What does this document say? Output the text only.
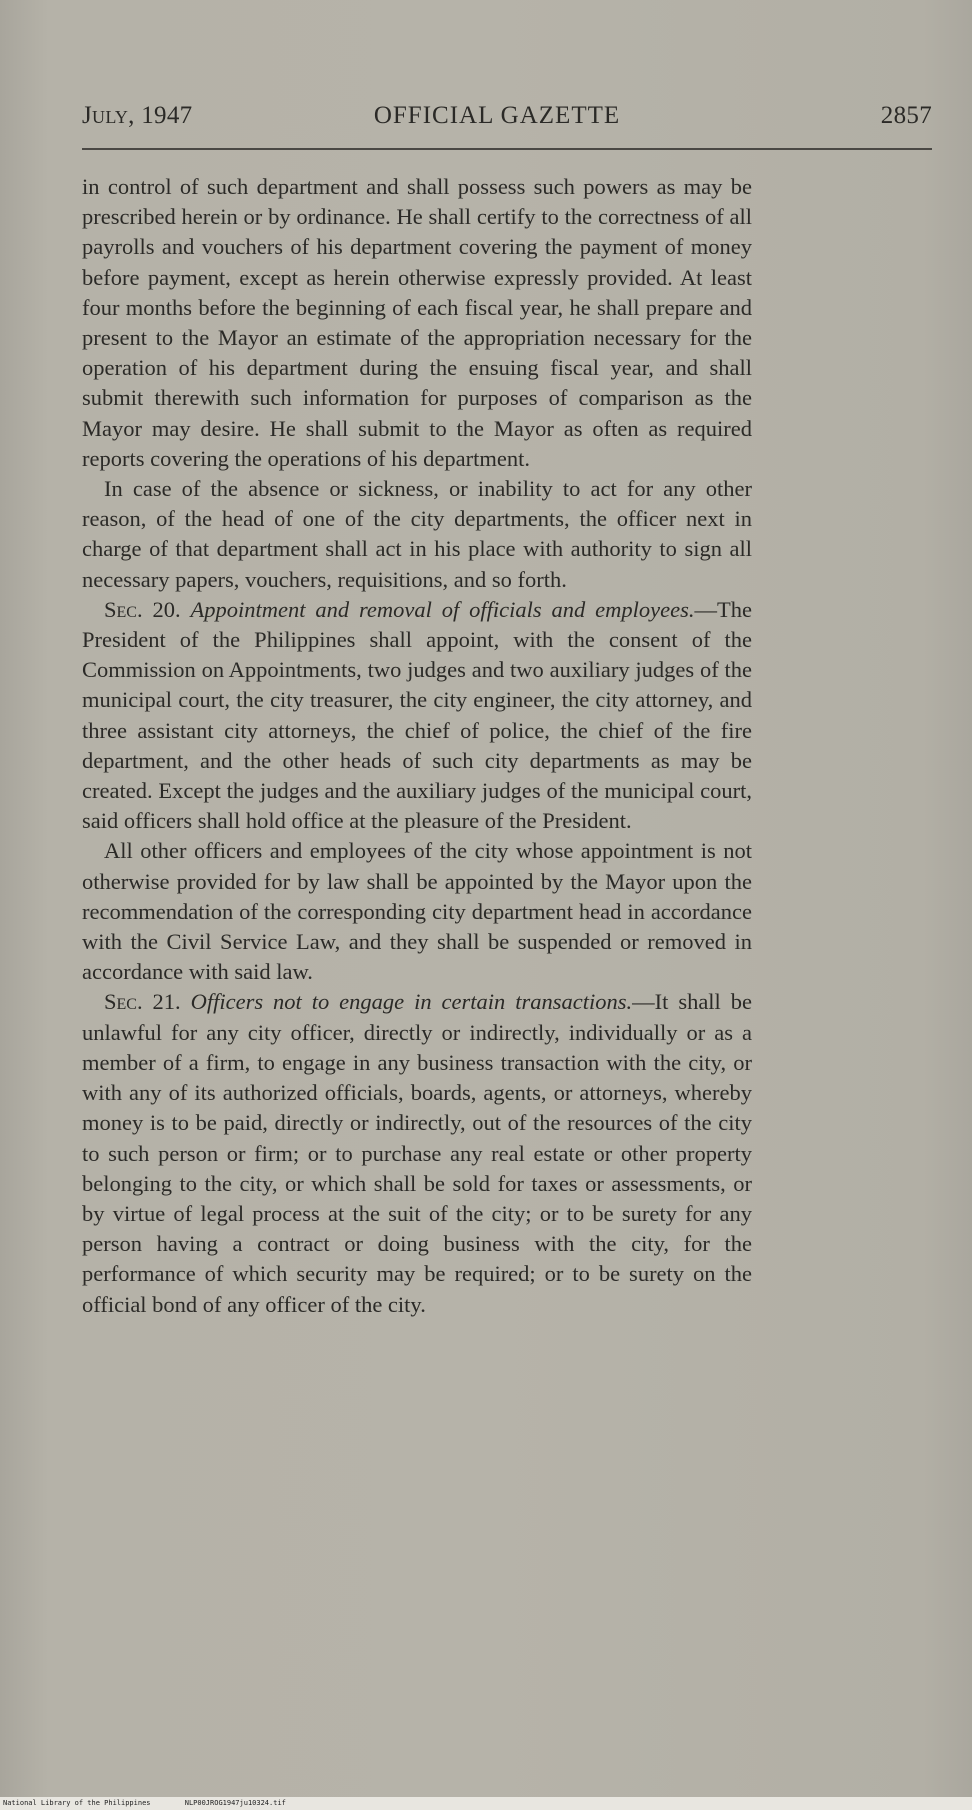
July, 1947	OFFICIAL GAZETTE	2857

in control of such department and shall possess such powers as may be prescribed herein or by ordinance. He shall certify to the correctness of all payrolls and vouchers of his department covering the payment of money before payment, except as herein otherwise expressly provided. At least four months before the beginning of each fiscal year, he shall prepare and present to the Mayor an estimate of the appropriation necessary for the operation of his department during the ensuing fiscal year, and shall submit therewith such information for purposes of comparison as the Mayor may desire. He shall submit to the Mayor as often as required reports covering the operations of his department.

In case of the absence or sickness, or inability to act for any other reason, of the head of one of the city departments, the officer next in charge of that department shall act in his place with authority to sign all necessary papers, vouchers, requisitions, and so forth.

Sec. 20. Appointment and removal of officials and employees.—The President of the Philippines shall appoint, with the consent of the Commission on Appointments, two judges and two auxiliary judges of the municipal court, the city treasurer, the city engineer, the city attorney, and three assistant city attorneys, the chief of police, the chief of the fire department, and the other heads of such city departments as may be created. Except the judges and the auxiliary judges of the municipal court, said officers shall hold office at the pleasure of the President.

All other officers and employees of the city whose appointment is not otherwise provided for by law shall be appointed by the Mayor upon the recommendation of the corresponding city department head in accordance with the Civil Service Law, and they shall be suspended or removed in accordance with said law.

Sec. 21. Officers not to engage in certain transactions.—It shall be unlawful for any city officer, directly or indirectly, individually or as a member of a firm, to engage in any business transaction with the city, or with any of its authorized officials, boards, agents, or attorneys, whereby money is to be paid, directly or indirectly, out of the resources of the city to such person or firm; or to purchase any real estate or other property belonging to the city, or which shall be sold for taxes or assessments, or by virtue of legal process at the suit of the city; or to be surety for any person having a contract or doing business with the city, for the performance of which security may be required; or to be surety on the official bond of any officer of the city.

National Library of the Philippines	NLP00JROG1947ju10324.tif
